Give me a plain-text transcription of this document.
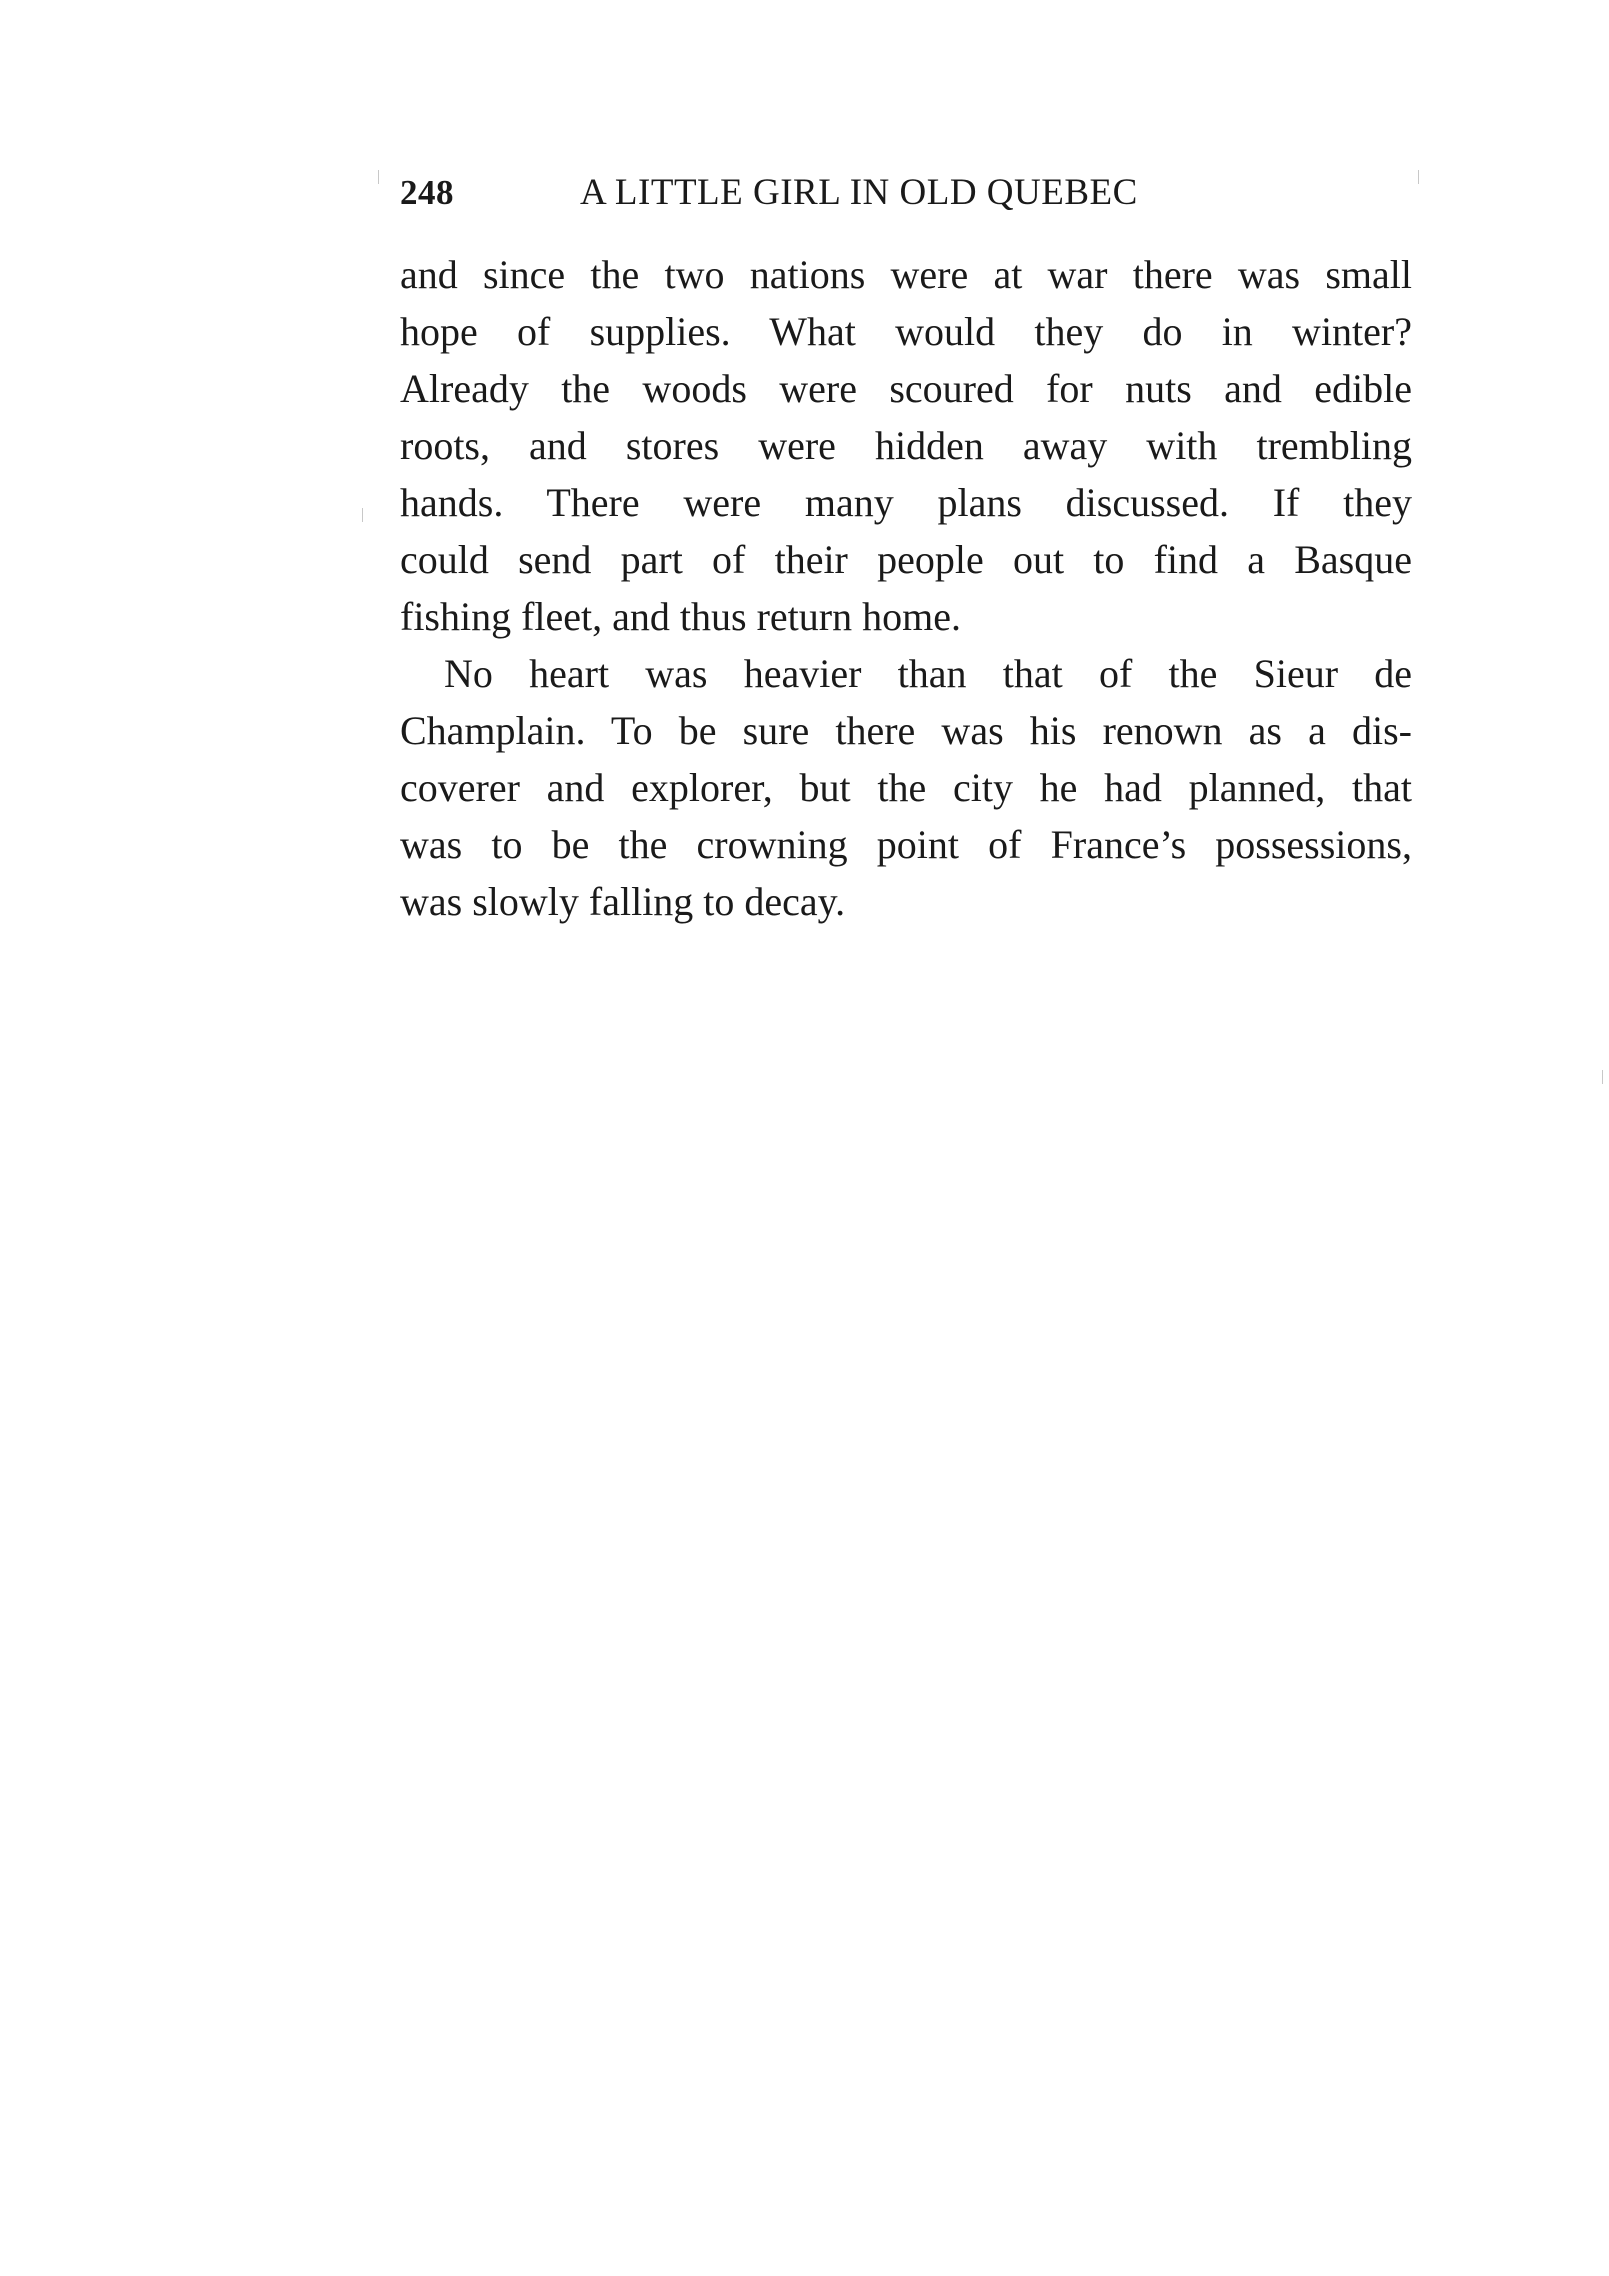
248	A LITTLE GIRL IN OLD QUEBEC
and since the two nations were at war there was small
hope of supplies. What would they do in winter?
Already the woods were scoured for nuts and edible
roots, and stores were hidden away with trembling
hands. There were many plans discussed. If they
could send part of their people out to find a Basque
fishing fleet, and thus return home.
No heart was heavier than that of the Sieur de
Champlain. To be sure there was his renown as a dis-
coverer and explorer, but the city he had planned, that
was to be the crowning point of France’s possessions,
was slowly falling to decay.
